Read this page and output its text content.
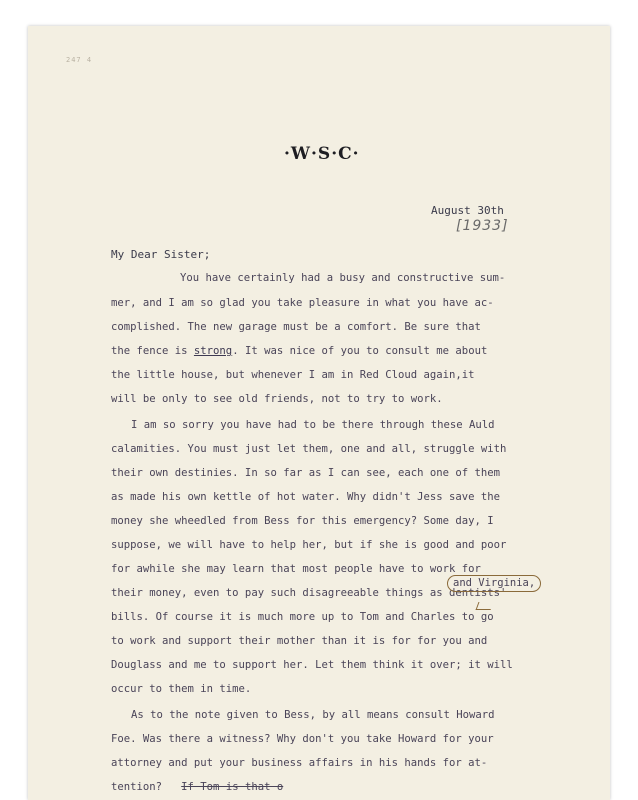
247 4
·W·S·C·
August 30th
[1933]
My Dear Sister;
You have certainly had a busy and constructive sum-
mer, and I am so glad you take pleasure in what you have ac-
complished. The new garage must be a comfort. Be sure that
the fence is strong. It was nice of you to consult me about
the little house, but whenever I am in Red Cloud again,it
will be only to see old friends, not to try to work.
I am so sorry you have had to be there through these Auld
calamities. You must just let them, one and all, struggle with
their own destinies. In so far as I can see, each one of them
as made his own kettle of hot water. Why didn't Jess save the
money she wheedled from Bess for this emergency? Some day, I
suppose, we will have to help her, but if she is good and poor
for awhile she may learn that most people have to work for
their money, even to pay such disagreeable things as dentists'
and Virginia,
bills. Of course it is much more up to Tom and Charles to go
to work and support their mother than it is for for you and
Douglass and me to support her. Let them think it over; it will
occur to them in time.
As to the note given to Bess, by all means consult Howard
Foe. Was there a witness? Why don't you take Howard for your
attorney and put your business affairs in his hands for at-
tention?   If Tom is that o
